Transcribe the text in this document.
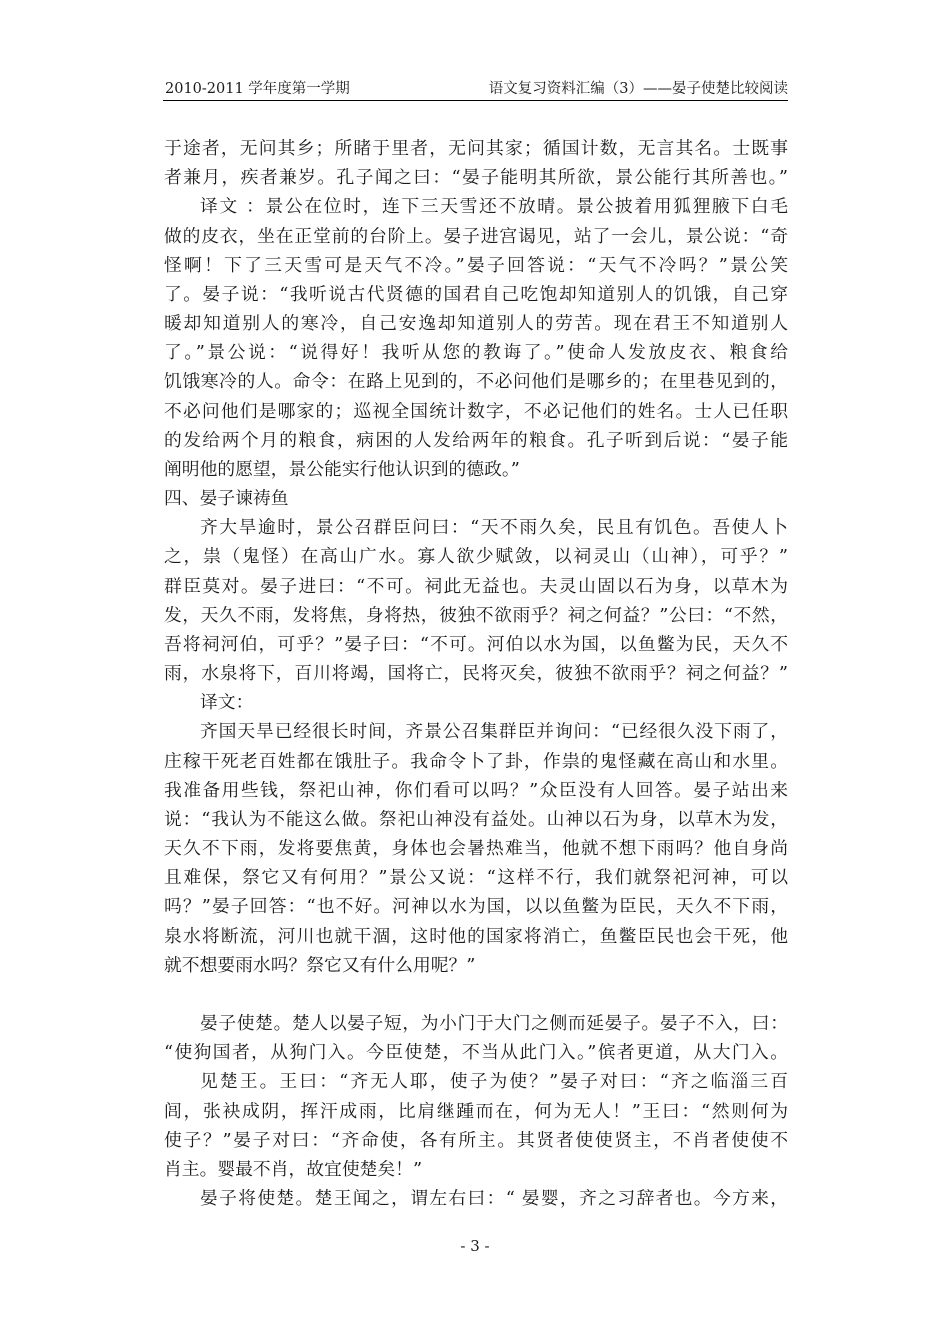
2010-2011 学年度第一学期	语文复习资料汇编（3）——晏子使楚比较阅读
于途者，无问其乡；所睹于里者，无问其家；循国计数，无言其名。士既事
者兼月，疾者兼岁。孔子闻之曰：“晏子能明其所欲，景公能行其所善也。”
译文 ：景公在位时，连下三天雪还不放晴。景公披着用狐狸腋下白毛
做的皮衣，坐在正堂前的台阶上。晏子进宫谒见，站了一会儿，景公说：“奇
怪啊！下了三天雪可是天气不冷。”晏子回答说：“天气不冷吗？”景公笑
了。晏子说：“我听说古代贤德的国君自己吃饱却知道别人的饥饿，自己穿
暖却知道别人的寒冷，自己安逸却知道别人的劳苦。现在君王不知道别人
了。”景公说：“说得好！我听从您的教诲了。”使命人发放皮衣、粮食给
饥饿寒冷的人。命令：在路上见到的，不必问他们是哪乡的；在里巷见到的，
不必问他们是哪家的；巡视全国统计数字，不必记他们的姓名。士人已任职
的发给两个月的粮食，病困的人发给两年的粮食。孔子听到后说：“晏子能
阐明他的愿望，景公能实行他认识到的德政。”
四、晏子谏祷鱼
齐大旱逾时，景公召群臣问曰：“天不雨久矣，民且有饥色。吾使人卜
之，祟（鬼怪）在高山广水。寡人欲少赋敛，以祠灵山（山神），可乎？”
群臣莫对。晏子进曰：“不可。祠此无益也。夫灵山固以石为身，以草木为
发，天久不雨，发将焦，身将热，彼独不欲雨乎？祠之何益？”公曰：“不然，
吾将祠河伯，可乎？”晏子曰：“不可。河伯以水为国，以鱼鳖为民，天久不
雨，水泉将下，百川将竭，国将亡，民将灭矣，彼独不欲雨乎？祠之何益？”
译文：
齐国天旱已经很长时间，齐景公召集群臣并询问：“已经很久没下雨了，
庄稼干死老百姓都在饿肚子。我命令卜了卦，作祟的鬼怪藏在高山和水里。
我准备用些钱，祭祀山神，你们看可以吗？”众臣没有人回答。晏子站出来
说：“我认为不能这么做。祭祀山神没有益处。山神以石为身，以草木为发，
天久不下雨，发将要焦黄，身体也会暑热难当，他就不想下雨吗？他自身尚
且难保，祭它又有何用？”景公又说：“这样不行，我们就祭祀河神，可以
吗？”晏子回答：“也不好。河神以水为国，以以鱼鳖为臣民，天久不下雨，
泉水将断流，河川也就干涸，这时他的国家将消亡，鱼鳖臣民也会干死，他
就不想要雨水吗？祭它又有什么用呢？”
晏子使楚。楚人以晏子短，为小门于大门之侧而延晏子。晏子不入，曰：
“使狗国者，从狗门入。今臣使楚，不当从此门入。”傧者更道，从大门入。
见楚王。王曰：“齐无人耶，使子为使？”晏子对曰：“齐之临淄三百
闾，张袂成阴，挥汗成雨，比肩继踵而在，何为无人！”王曰：“然则何为
使子？”晏子对曰：“齐命使，各有所主。其贤者使使贤主，不肖者使使不
肖主。婴最不肖，故宜使楚矣！”
晏子将使楚。楚王闻之，谓左右曰：“ 晏婴，齐之习辞者也。今方来，
- 3 -
